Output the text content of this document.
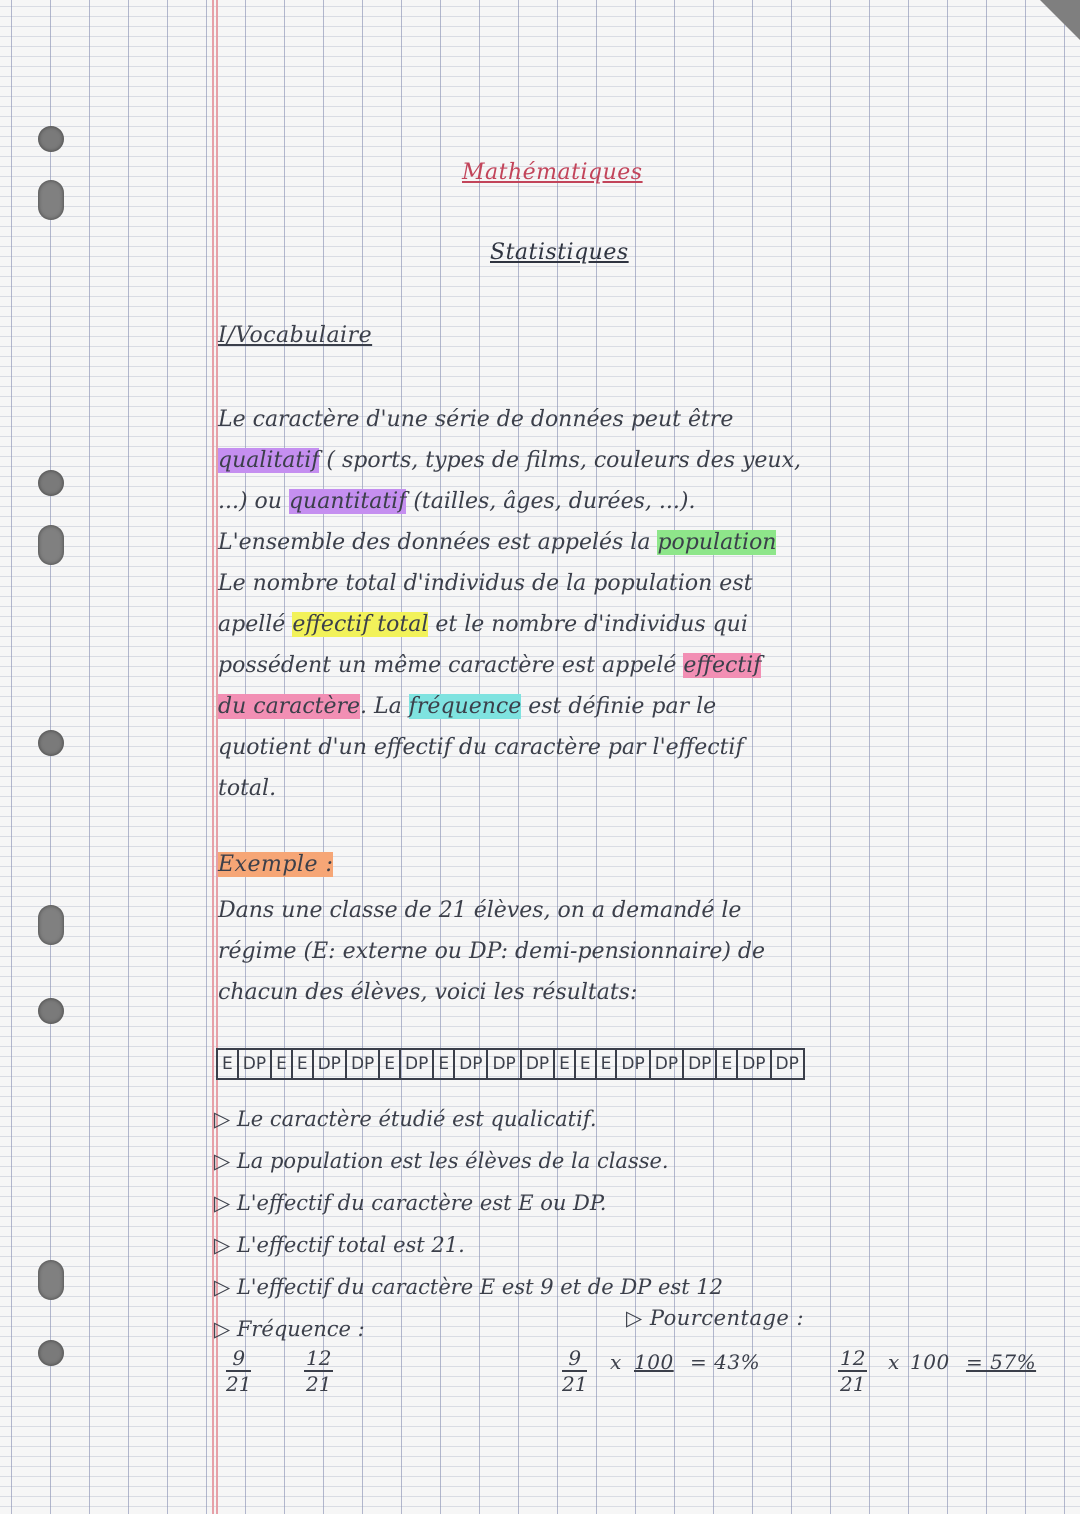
Mathématiques
Statistiques
I/Vocabulaire

Le caractère d'une série de données peut être

qualitatif ( sports, types de films, couleurs des yeux,

...) ou quantitatif (tailles, âges, durées, ...).

L'ensemble des données est appelés la population

Le nombre total d'individus de la population est

apellé effectif total et le nombre d'individus qui

possédent un même caractère est appelé effectif

du caractère. La fréquence est définie par le

quotient d'un effectif du caractère par l'effectif

total.

Exemple :

Dans une classe de 21 élèves, on a demandé le

régime (E: externe ou DP: demi-pensionnaire) de

chacun des élèves, voici les résultats:

E	DP	E	E	DP	DP	E	DP	E	DP	DP	DP	E	E	E	DP	DP	DP	E	DP	DP
▷ Le caractère étudié est qualicatif.
▷ La population est les élèves de la classe.
▷ L'effectif du caractère est E ou DP.
▷ L'effectif total est 21.
▷ L'effectif du caractère E est 9 et de DP est 12
▷ Fréquence :	▷ Pourcentage :
$\frac{9}{21}$	$\frac{12}{21}$	$\frac{9}{21}$ x 100 = 43%	$\frac{12}{21}$ x 100 = 57%
